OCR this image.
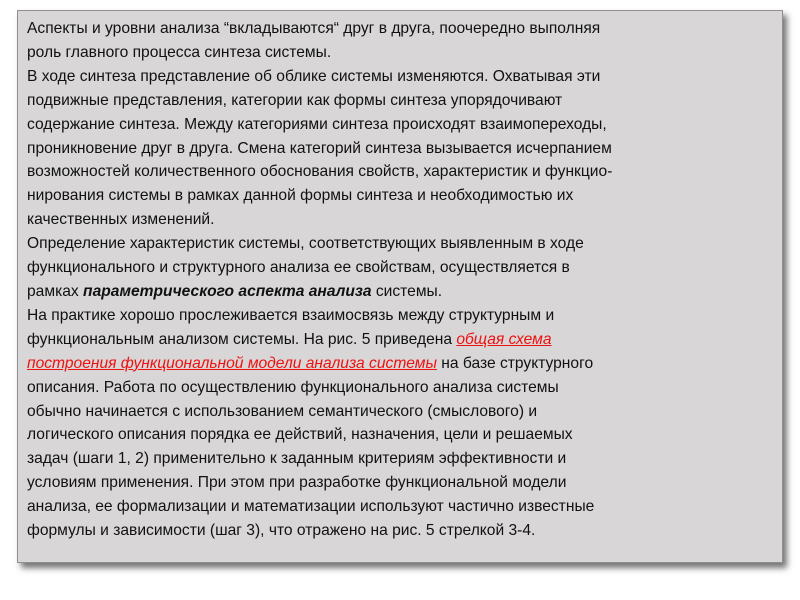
Аспекты и уровни анализа “вкладываются“ друг в друга, поочередно выполняя
роль главного процесса синтеза системы.
В ходе синтеза представление об облике системы изменяются. Охватывая эти
подвижные представления, категории как формы синтеза упорядочивают
содержание синтеза. Между категориями синтеза происходят взаимопереходы,
проникновение друг в друга. Смена категорий синтеза вызывается исчерпанием
возможностей количественного обоснования свойств, характеристик и функцио-
нирования системы в рамках данной формы синтеза и необходимостью их
качественных изменений.
Определение характеристик системы, соответствующих выявленным в ходе
функционального и структурного анализа ее свойствам, осуществляется в
рамках параметрического аспекта анализа системы.
На практике хорошо прослеживается взаимосвязь между структурным и
функциональным анализом системы. На рис. 5 приведена общая схема
построения функциональной модели анализа системы на базе структурного
описания. Работа по осуществлению функционального анализа системы
обычно начинается с использованием семантического (смыслового) и
логического описания порядка ее действий, назначения, цели и решаемых
задач (шаги 1, 2) применительно к заданным критериям эффективности и
условиям применения. При этом при разработке функциональной модели
анализа, ее формализации и математизации используют частично известные
формулы и зависимости (шаг 3), что отражено на рис. 5 стрелкой 3-4.
